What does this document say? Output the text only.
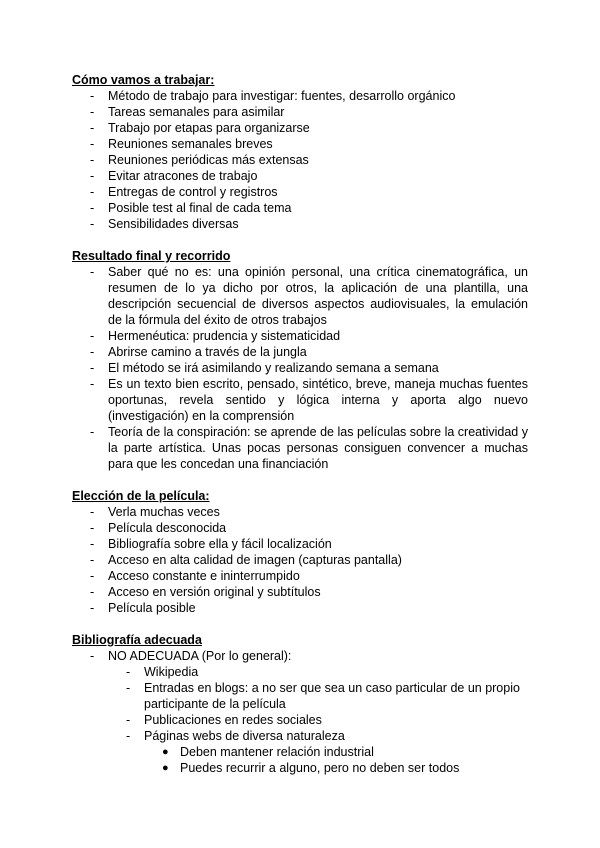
Cómo vamos a trabajar:
- Método de trabajo para investigar: fuentes, desarrollo orgánico
- Tareas semanales para asimilar
- Trabajo por etapas para organizarse
- Reuniones semanales breves
- Reuniones periódicas más extensas
- Evitar atracones de trabajo
- Entregas de control y registros
- Posible test al final de cada tema
- Sensibilidades diversas
Resultado final y recorrido
- Saber qué no es: una opinión personal, una crítica cinematográfica, un resumen de lo ya dicho por otros, la aplicación de una plantilla, una descripción secuencial de diversos aspectos audiovisuales, la emulación de la fórmula del éxito de otros trabajos
- Hermenéutica: prudencia y sistematicidad
- Abrirse camino a través de la jungla
- El método se irá asimilando y realizando semana a semana
- Es un texto bien escrito, pensado, sintético, breve, maneja muchas fuentes oportunas, revela sentido y lógica interna y aporta algo nuevo (investigación) en la comprensión
- Teoría de la conspiración: se aprende de las películas sobre la creatividad y la parte artística. Unas pocas personas consiguen convencer a muchas para que les concedan una financiación
Elección de la película:
- Verla muchas veces
- Película desconocida
- Bibliografía sobre ella y fácil localización
- Acceso en alta calidad de imagen (capturas pantalla)
- Acceso constante e ininterrumpido
- Acceso en versión original y subtítulos
- Película posible
Bibliografía adecuada
- NO ADECUADA (Por lo general):
- Wikipedia
- Entradas en blogs: a no ser que sea un caso particular de un propio participante de la película
- Publicaciones en redes sociales
- Páginas webs de diversa naturaleza
● Deben mantener relación industrial
● Puedes recurrir a alguno, pero no deben ser todos
